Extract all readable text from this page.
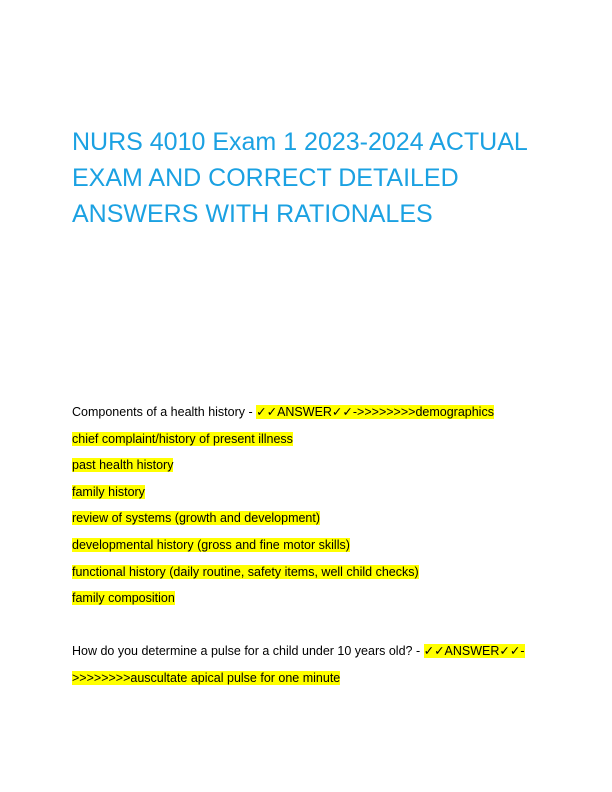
NURS 4010 Exam 1 2023-2024 ACTUAL EXAM AND CORRECT DETAILED ANSWERS WITH RATIONALES
Components of a health history - ✓✓ANSWER✓✓->>>>>>>>demographics
chief complaint/history of present illness
past health history
family history
review of systems (growth and development)
developmental history (gross and fine motor skills)
functional history (daily routine, safety items, well child checks)
family composition
How do you determine a pulse for a child under 10 years old? - ✓✓ANSWER✓✓-
>>>>>>>>auscultate apical pulse for one minute
